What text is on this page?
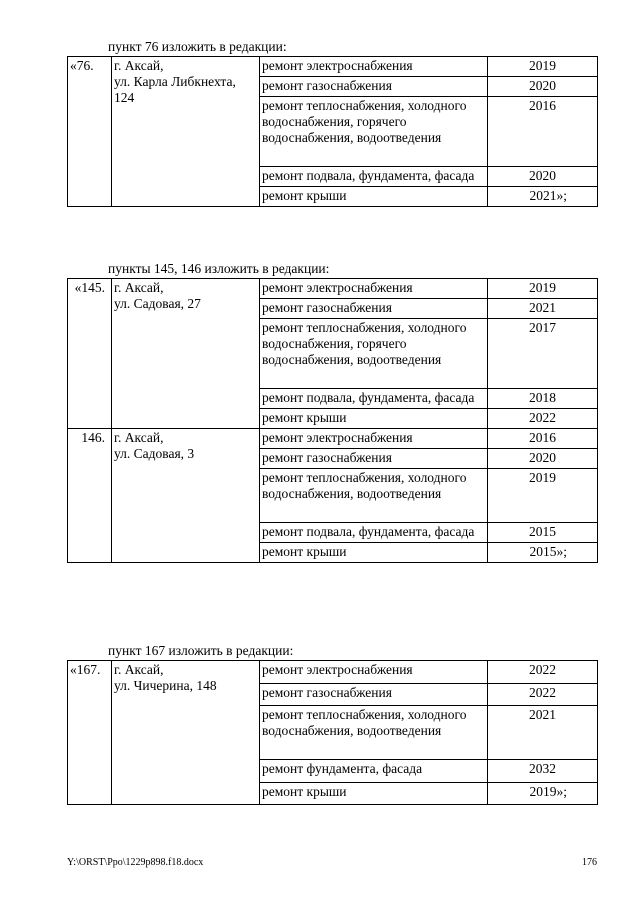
пункт 76 изложить в редакции:
«76.	г. Аксай,
ул. Карла Либкнехта,
124	ремонт электроснабжения	2019
		ремонт газоснабжения	2020
		ремонт теплоснабжения, холодного водоснабжения, горячего водоснабжения, водоотведения	2016
		ремонт подвала, фундамента, фасада	2020
		ремонт крыши	2021»;
пункты 145, 146 изложить в редакции:
«145.	г. Аксай,
ул. Садовая, 27	ремонт электроснабжения	2019
		ремонт газоснабжения	2021
		ремонт теплоснабжения, холодного водоснабжения, горячего водоснабжения, водоотведения	2017
		ремонт подвала, фундамента, фасада	2018
		ремонт крыши	2022
146.	г. Аксай,
ул. Садовая, 3	ремонт электроснабжения	2016
		ремонт газоснабжения	2020
		ремонт теплоснабжения, холодного водоснабжения, водоотведения	2019
		ремонт подвала, фундамента, фасада	2015
		ремонт крыши	2015»;
пункт 167 изложить в редакции:
«167.	г. Аксай,
ул. Чичерина, 148	ремонт электроснабжения	2022
		ремонт газоснабжения	2022
		ремонт теплоснабжения, холодного водоснабжения, водоотведения	2021
		ремонт фундамента, фасада	2032
		ремонт крыши	2019»;
Y:\ORST\Ppo\1229p898.f18.docx	176
